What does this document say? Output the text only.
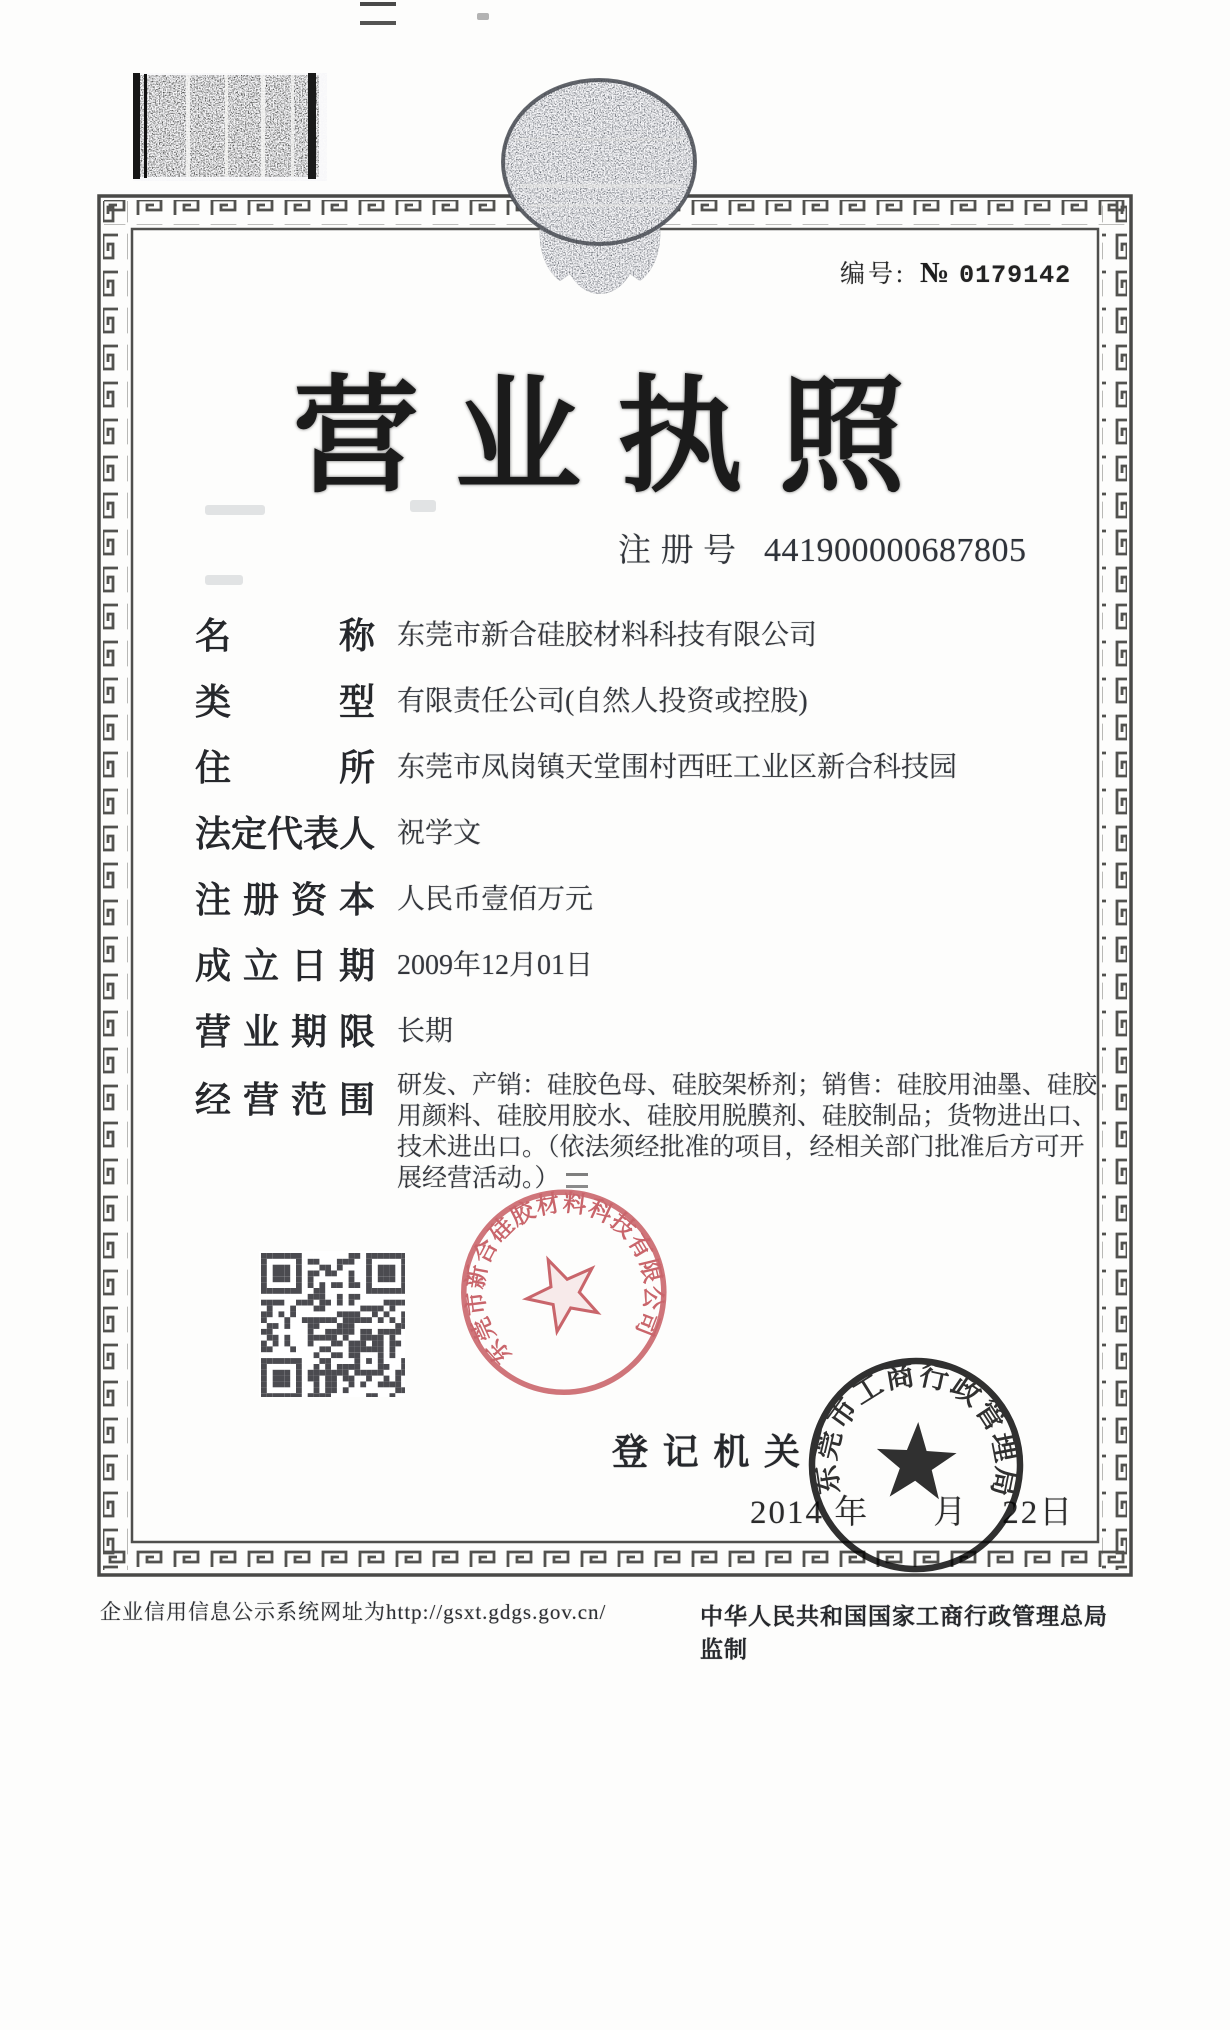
编号: № 0179142
营 业 执 照
注 册 号 441900000687805
名	称 东莞市新合硅胶材料科技有限公司
类	型 有限责任公司(自然人投资或控股)
住	所 东莞市凤岗镇天堂围村西旺工业区新合科技园
法 定 代 表 人 祝学文
注 册 资 本 人民币壹佰万元
成 立 日 期 2009年12月01日
营 业 期 限 长期
经 营 范 围 研发、产销：硅胶色母、硅胶架桥剂；销售：硅胶用油墨、硅胶用颜料、硅胶用胶水、硅胶用脱膜剂、硅胶制品；货物进出口、技术进出口。（依法须经批准的项目，经相关部门批准后方可开展经营活动。）
东莞市新合硅胶材料科技有限公司
登 记 机 关
2014 年 月 22日
东莞市工商行政管理局
企业信用信息公示系统网址为http://gsxt.gdgs.gov.cn/	中华人民共和国国家工商行政管理总局监制
